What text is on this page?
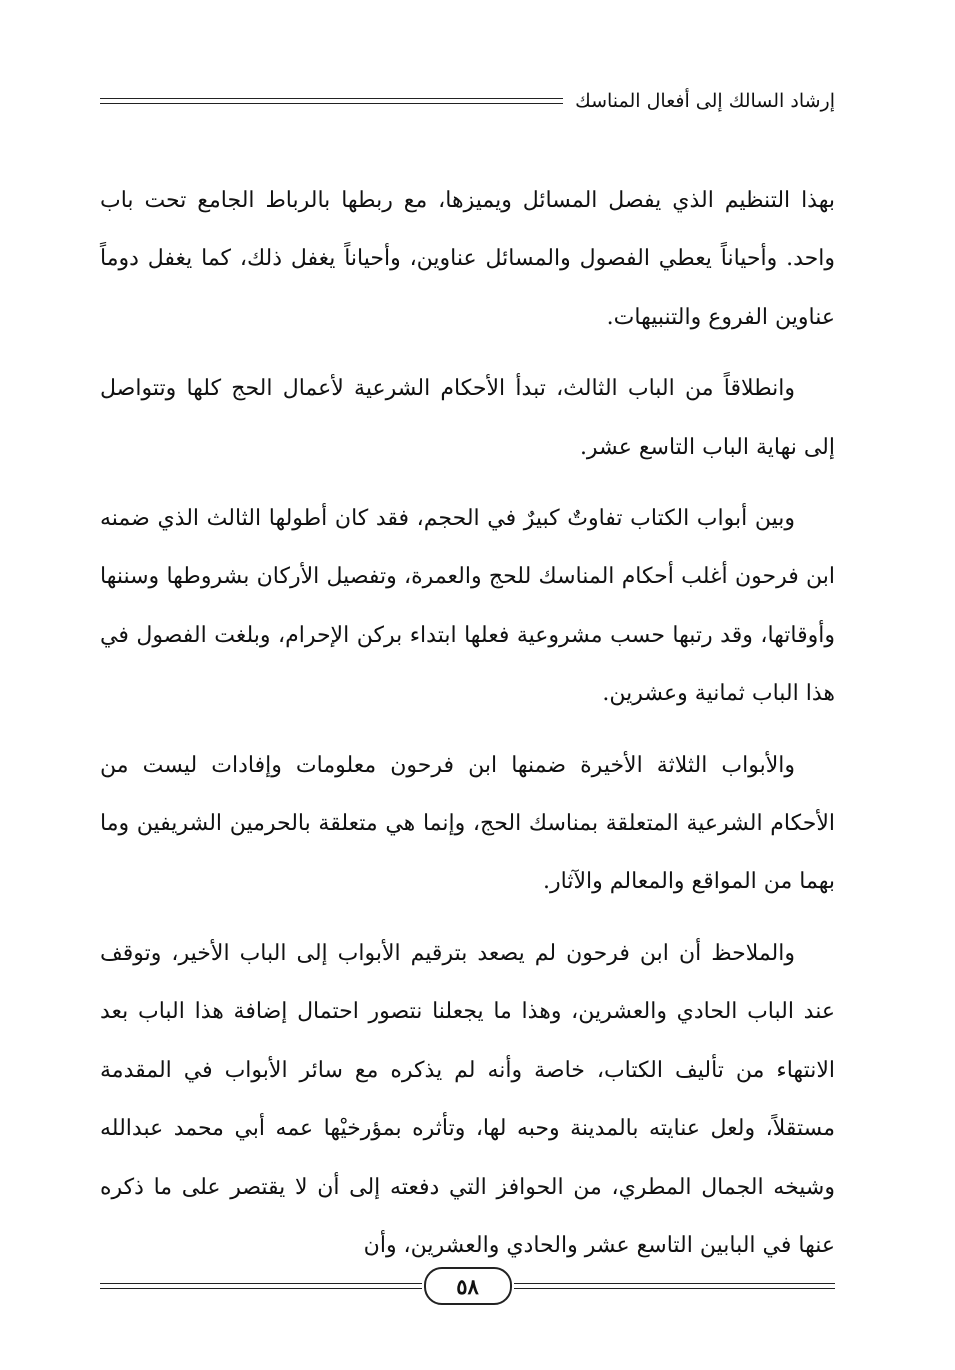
إرشاد السالك إلى أفعال المناسك

بهذا التنظيم الذي يفصل المسائل ويميزها، مع ربطها بالرباط الجامع تحت باب واحد. وأحياناً يعطي الفصول والمسائل عناوين، وأحياناً يغفل ذلك، كما يغفل دوماً عناوين الفروع والتنبيهات.

وانطلاقاً من الباب الثالث، تبدأ الأحكام الشرعية لأعمال الحج كلها وتتواصل إلى نهاية الباب التاسع عشر.

وبين أبواب الكتاب تفاوتٌ كبيرٌ في الحجم، فقد كان أطولها الثالث الذي ضمنه ابن فرحون أغلب أحكام المناسك للحج والعمرة، وتفصيل الأركان بشروطها وسننها وأوقاتها، وقد رتبها حسب مشروعية فعلها ابتداء بركن الإحرام، وبلغت الفصول في هذا الباب ثمانية وعشرين.

والأبواب الثلاثة الأخيرة ضمنها ابن فرحون معلومات وإفادات ليست من الأحكام الشرعية المتعلقة بمناسك الحج، وإنما هي متعلقة بالحرمين الشريفين وما بهما من المواقع والمعالم والآثار.

والملاحظ أن ابن فرحون لم يصعد بترقيم الأبواب إلى الباب الأخير، وتوقف عند الباب الحادي والعشرين، وهذا ما يجعلنا نتصور احتمال إضافة هذا الباب بعد الانتهاء من تأليف الكتاب، خاصة وأنه لم يذكره مع سائر الأبواب في المقدمة مستقلاً، ولعل عنايته بالمدينة وحبه لها، وتأثره بمؤرخيْها عمه أبي محمد عبدالله وشيخه الجمال المطري، من الحوافز التي دفعته إلى أن لا يقتصر على ما ذكره عنها في البابين التاسع عشر والحادي والعشرين، وأن

٥٨
